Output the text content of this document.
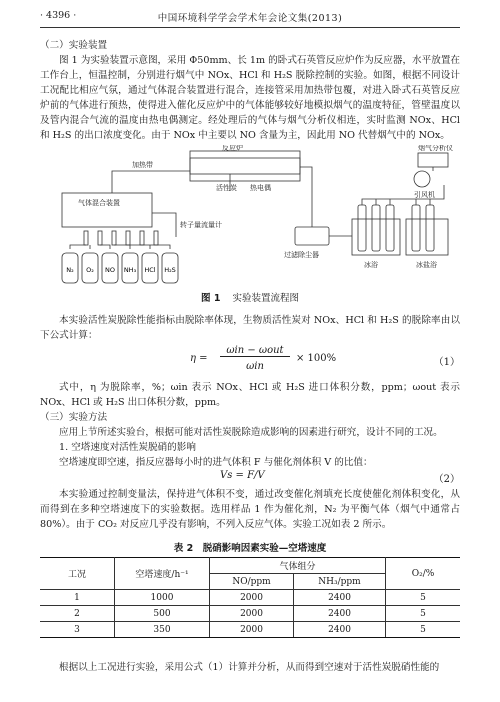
· 4396 ·	中国环境科学学会学术年会论文集(2013)

（二）实验装置

图 1 为实验装置示意图，采用 Φ50mm、长 1m 的卧式石英管反应炉作为反应器，水平放置在工作台上，恒温控制，分别进行烟气中 NOx、HCl 和 H₂S 脱除控制的实验。如图，根据不同设计工况配比相应气氛，通过气体混合装置进行混合，连接管采用加热带包覆，对进入卧式石英管反应炉前的气体进行预热，使得进入催化反应炉中的气体能够较好地模拟烟气的温度特征，管壁温度以及管内混合气流的温度由热电偶测定。经处理后的气体与烟气分析仪相连，实时监测 NOx、HCl 和 H₂S 的出口浓度变化。由于 NOx 中主要以 NO 含量为主，因此用 NO 代替烟气中的 NOx。

N₂ O₂ NO NH₃ HCl H₂S
反应炉
加热带
气体混合装置
活性炭 热电偶
转子量流量计
过滤除尘器
冰浴	冰盐浴
引风机
烟气分析仪
图 1 实验装置流程图

本实验活性炭脱除性能指标由脱除率体现，生物质活性炭对 NOx、HCl 和 H₂S 的脱除率由以下公式计算：

η =
ωin − ωout
ωin
× 100%	（1）

式中，η 为脱除率，%；ωin 表示 NOx、HCl 或 H₂S 进口体积分数，ppm；ωout 表示 NOx、HCl 或 H₂S 出口体积分数，ppm。

（三）实验方法

应用上节所述实验台，根据可能对活性炭脱除造成影响的因素进行研究，设计不同的工况。

1. 空塔速度对活性炭脱硝的影响

空塔速度即空速，指反应器每小时的进气体积 F 与催化剂体积 V 的比值：

Vs = F/V	（2）

本实验通过控制变量法，保持进气体积不变，通过改变催化剂填充长度使催化剂体积变化，从而得到在多种空塔速度下的实验数据。选用样品 1 作为催化剂，N₂ 为平衡气体（烟气中通常占 80%）。由于 CO₂ 对反应几乎没有影响，不列入反应气体。实验工况如表 2 所示。

表 2　脱硝影响因素实验—空塔速度
工况	空塔速度/h⁻¹	气体组分		O₂/%
		NO/ppm	NH₃/ppm	
1	1000	2000	2400	5
2	500	2000	2400	5
3	350	2000	2400	5

根据以上工况进行实验，采用公式（1）计算并分析，从而得到空速对于活性炭脱硝性能的
